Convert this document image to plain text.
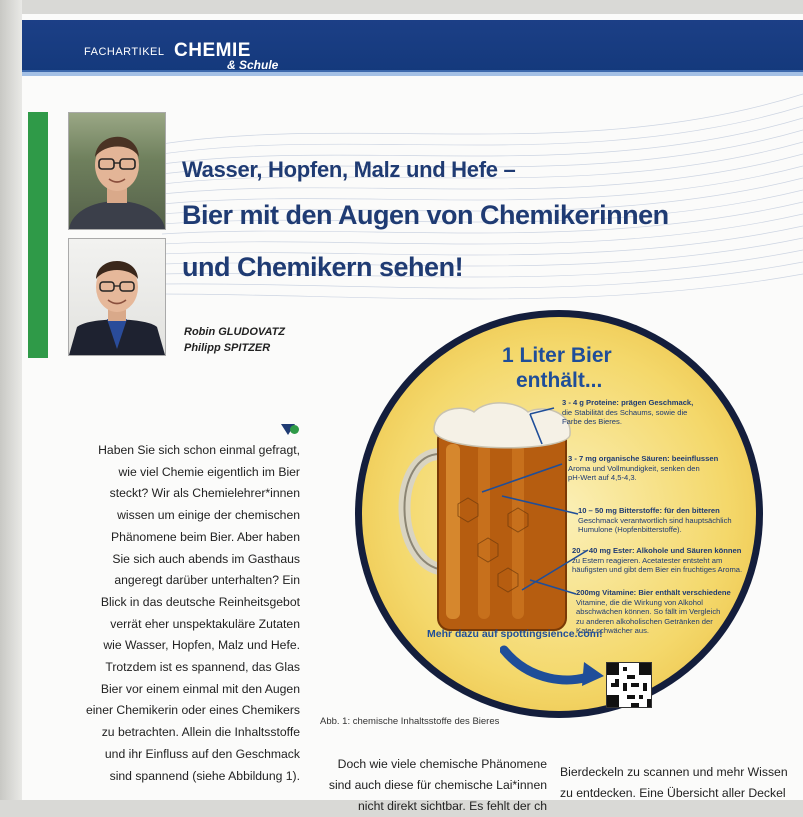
FACHARTIKEL CHEMIE
& Schule
Wasser, Hopfen, Malz und Hefe –
Bier mit den Augen von Chemikerinnen
und Chemikern sehen!
Robin GLUDOVATZ
Philipp SPITZER
Haben Sie sich schon einmal gefragt,
wie viel Chemie eigentlich im Bier
steckt? Wir als Chemielehrer*innen
wissen um einige der chemischen
Phänomene beim Bier. Aber haben
Sie sich auch abends im Gasthaus
angeregt darüber unterhalten? Ein
Blick in das deutsche Reinheitsgebot
verrät eher unspektakuläre Zutaten
wie Wasser, Hopfen, Malz und Hefe.
Trotzdem ist es spannend, das Glas
Bier vor einem einmal mit den Augen
einer Chemikerin oder eines Chemikers
zu betrachten. Allein die Inhaltsstoffe
und ihr Einfluss auf den Geschmack
sind spannend (siehe Abbildung 1).
1 Liter Bier
enthält...
3 - 4 g Proteine: prägen Geschmack,
die Stabilität des Schaums, sowie die
Farbe des Bieres.
3 - 7 mg organische Säuren: beeinflussen
Aroma und Vollmundigkeit, senken den
pH-Wert auf 4,5-4,3.
10 – 50 mg Bitterstoffe: für den bitteren
Geschmack verantwortlich sind hauptsächlich
Humulone (Hopfenbitterstoffe).
20 – 40 mg Ester: Alkohole und Säuren können
zu Estern reagieren. Acetatester entsteht am
häufigsten und gibt dem Bier ein fruchtiges Aroma.
200mg Vitamine: Bier enthält verschiedene
Vitamine, die die Wirkung von Alkohol
abschwächen können. So fällt im Vergleich
zu anderen alkoholischen Getränken der
Kater schwächer aus.
Mehr dazu auf spottingsience.com!
Abb. 1: chemische Inhaltsstoffe des Bieres
Doch wie viele chemische Phänomene
sind auch diese für chemische Lai*innen
nicht direkt sichtbar. Es fehlt der ch
Bierdeckeln zu scannen und mehr Wissen
zu entdecken. Eine Übersicht aller Deckel
